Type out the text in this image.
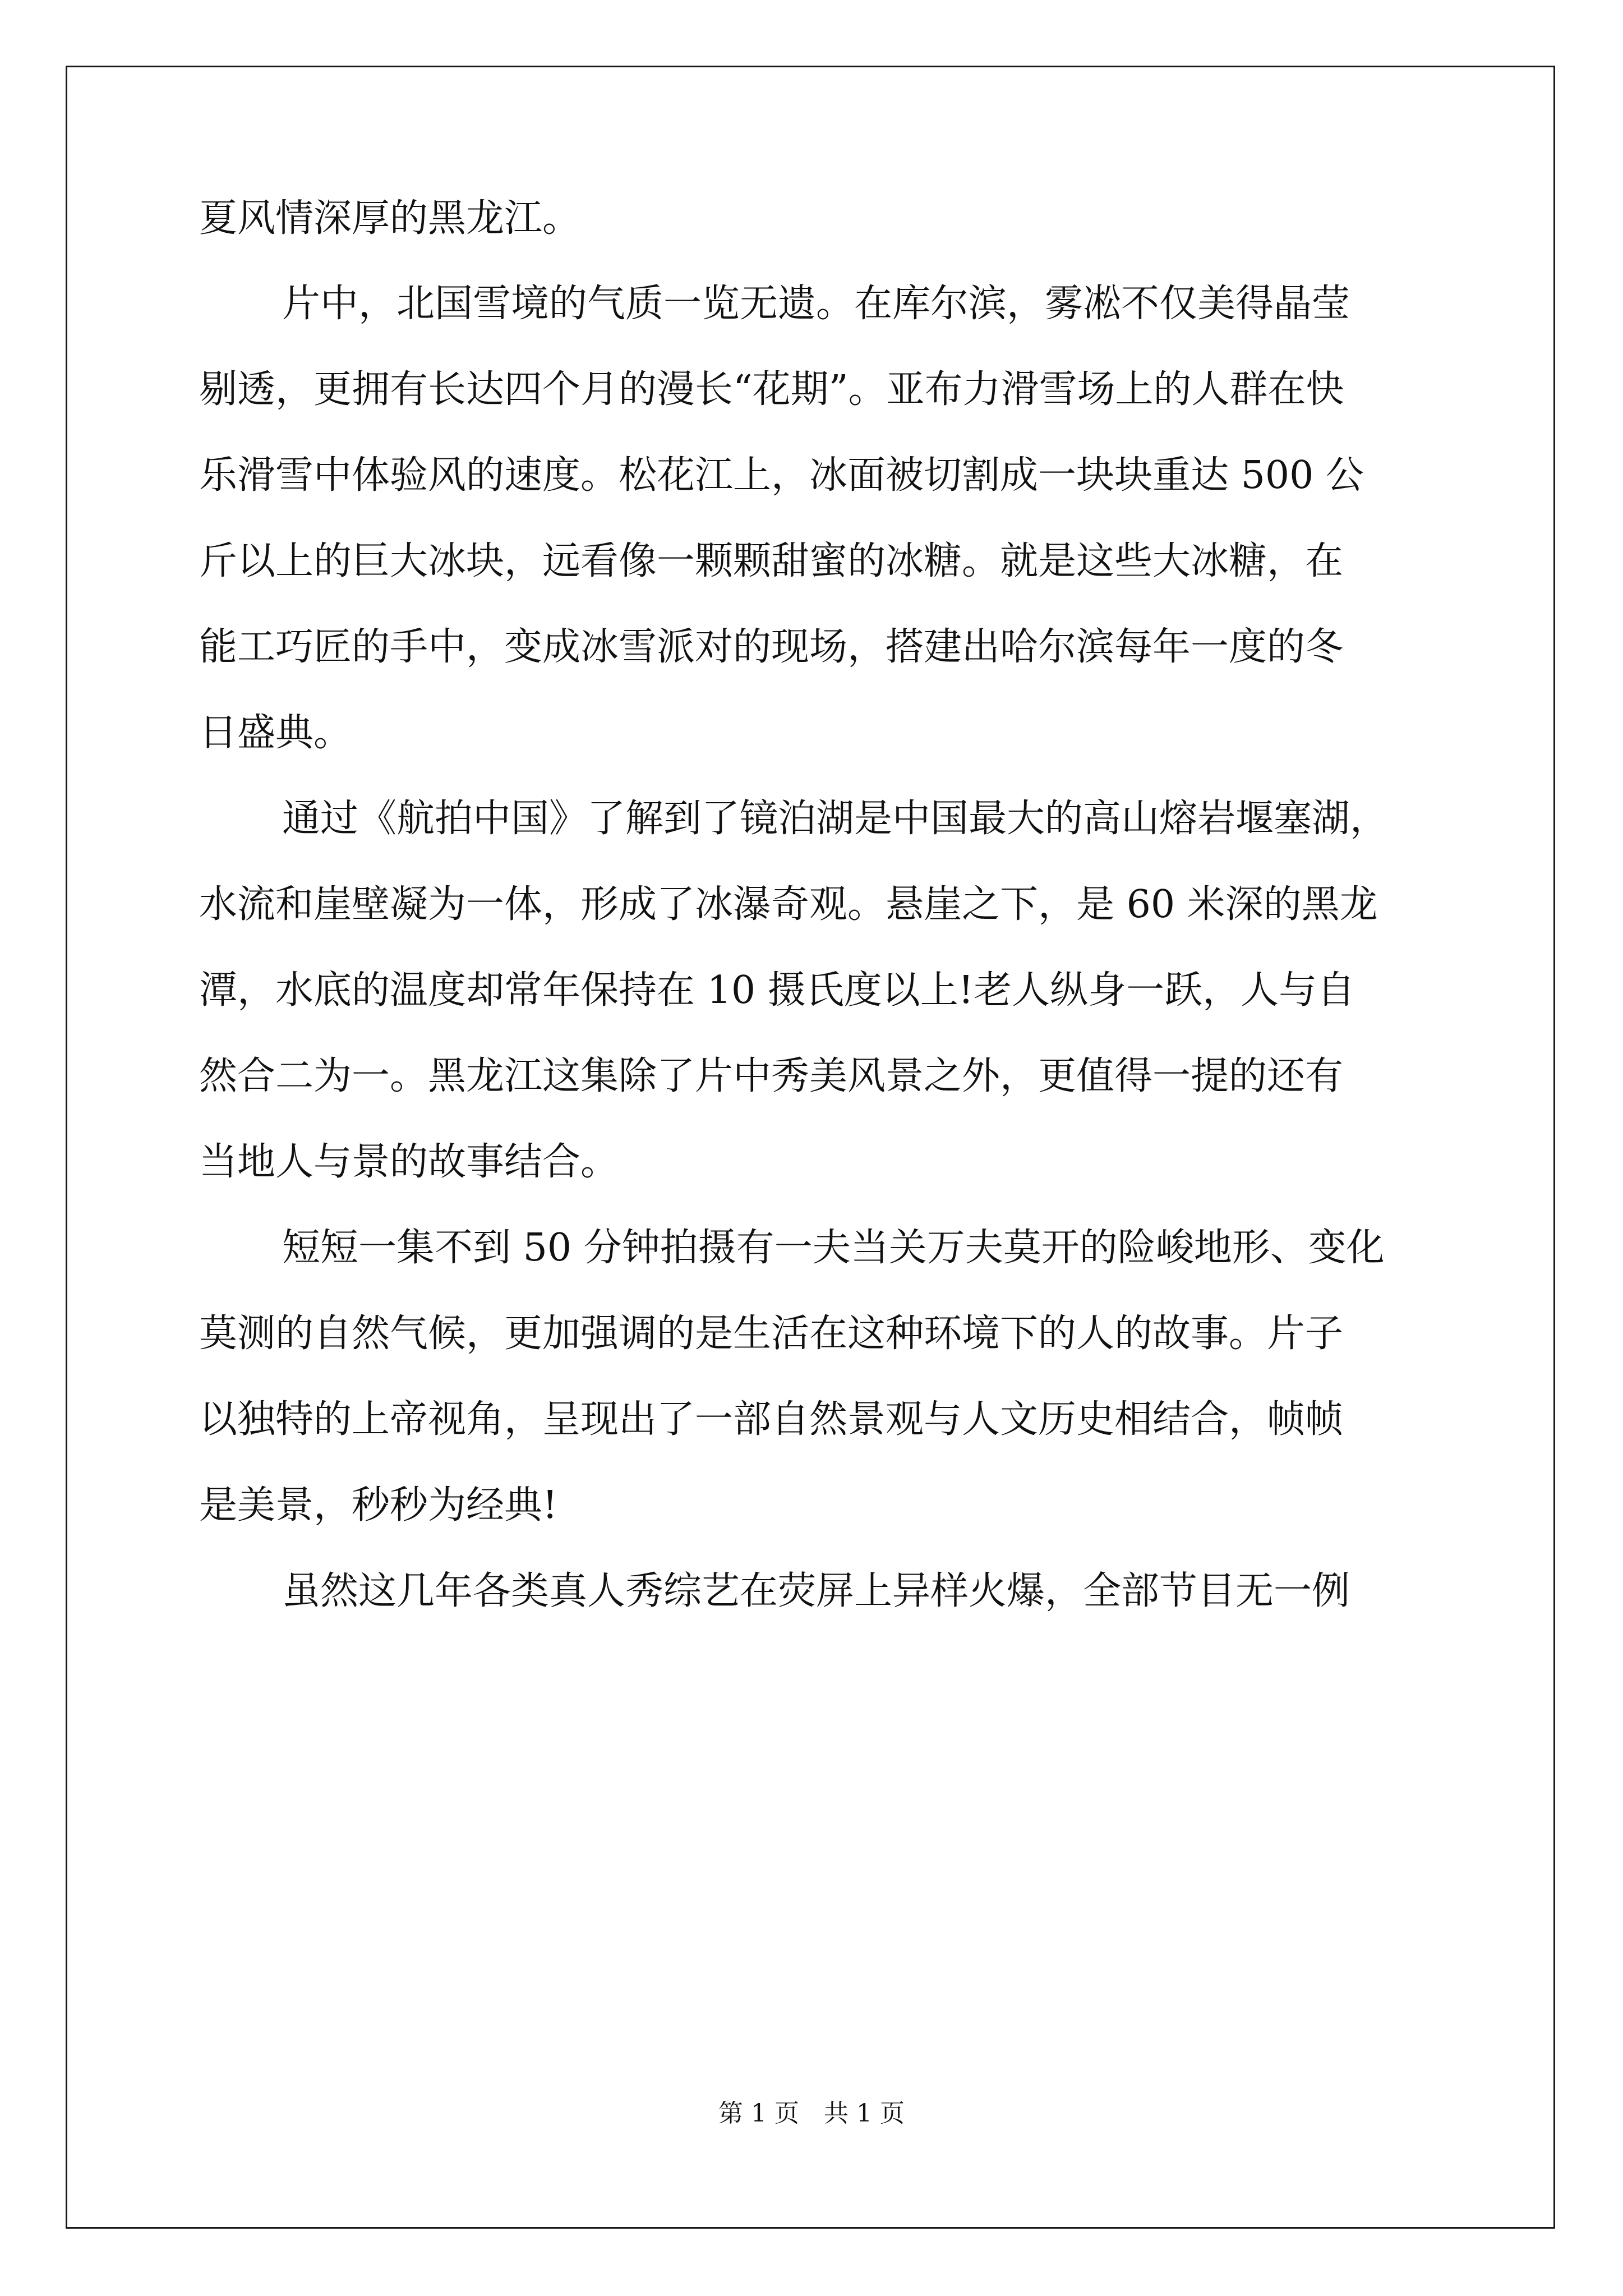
夏风情深厚的黑龙江。
片中，北国雪境的气质一览无遗。在库尔滨，雾凇不仅美得晶莹
剔透，更拥有长达四个月的漫长“花期”。亚布力滑雪场上的人群在快
乐滑雪中体验风的速度。松花江上，冰面被切割成一块块重达 500 公
斤以上的巨大冰块，远看像一颗颗甜蜜的冰糖。就是这些大冰糖，在
能工巧匠的手中，变成冰雪派对的现场，搭建出哈尔滨每年一度的冬
日盛典。
通过《航拍中国》了解到了镜泊湖是中国最大的高山熔岩堰塞湖，
水流和崖壁凝为一体，形成了冰瀑奇观。悬崖之下，是 60 米深的黑龙
潭，水底的温度却常年保持在 10 摄氏度以上!老人纵身一跃，人与自
然合二为一。黑龙江这集除了片中秀美风景之外，更值得一提的还有
当地人与景的故事结合。
短短一集不到 50 分钟拍摄有一夫当关万夫莫开的险峻地形、变化
莫测的自然气候，更加强调的是生活在这种环境下的人的故事。片子
以独特的上帝视角，呈现出了一部自然景观与人文历史相结合，帧帧
是美景，秒秒为经典!
虽然这几年各类真人秀综艺在荧屏上异样火爆，全部节目无一例
第 1 页 共 1 页
